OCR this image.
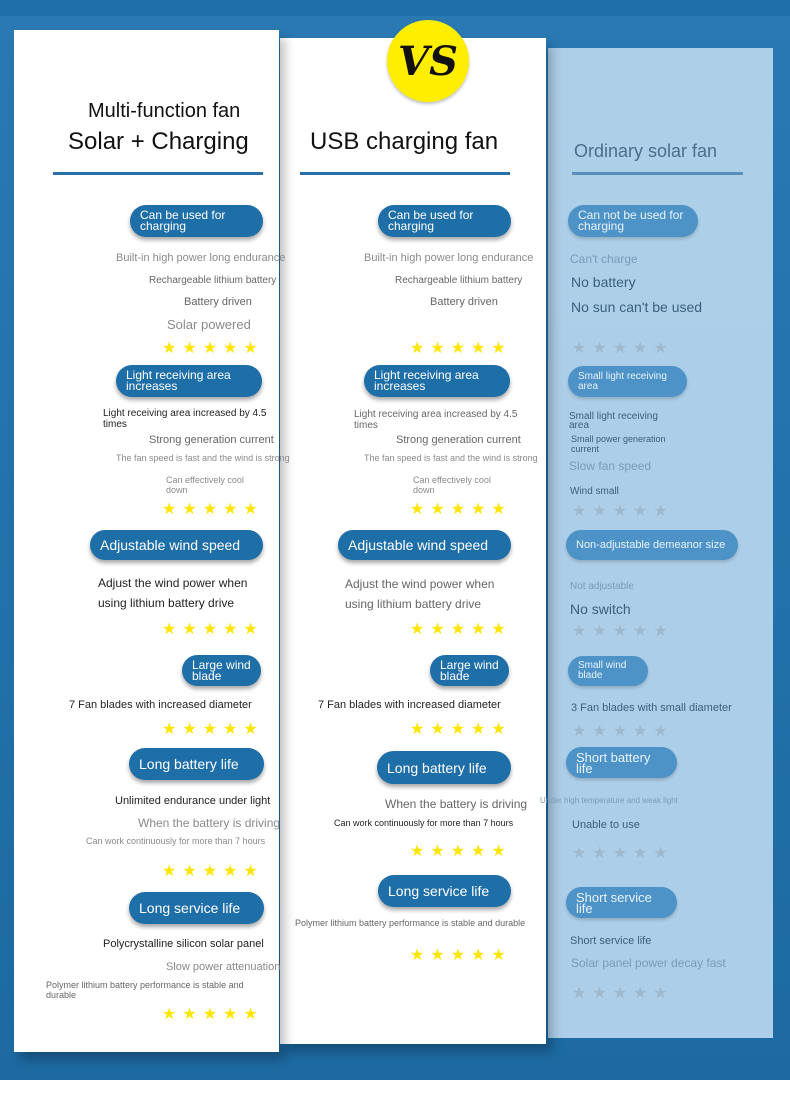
VS
Multi-function fan
Solar + Charging
Can be used for charging
Built-in high power long endurance
Rechargeable lithium battery
Battery driven
Solar powered
★ ★ ★ ★ ★
Light receiving area increases
Light receiving area increased by 4.5 times
Strong generation current
The fan speed is fast and the wind is strong
Can effectively cool down
★ ★ ★ ★ ★
Adjustable wind speed
Adjust the wind power when
using lithium battery drive
★ ★ ★ ★ ★
Large wind blade
7 Fan blades with increased diameter
★ ★ ★ ★ ★
Long battery life
Unlimited endurance under light
When the battery is driving
Can work continuously for more than 7 hours
★ ★ ★ ★ ★
Long service life
Polycrystalline silicon solar panel
Slow power attenuation
Polymer lithium battery performance is stable and durable
★ ★ ★ ★ ★
USB charging fan
Can be used for charging
Built-in high power long endurance
Rechargeable lithium battery
Battery driven
★ ★ ★ ★ ★
Light receiving area increases
Light receiving area increased by 4.5 times
Strong generation current
The fan speed is fast and the wind is strong
Can effectively cool down
★ ★ ★ ★ ★
Adjustable wind speed
Adjust the wind power when
using lithium battery drive
★ ★ ★ ★ ★
Large wind blade
7 Fan blades with increased diameter
★ ★ ★ ★ ★
Long battery life
When the battery is driving
Can work continuously for more than 7 hours
★ ★ ★ ★ ★
Long service life
Polymer lithium battery performance is stable and durable
★ ★ ★ ★ ★
Ordinary solar fan
Can not be used for charging
Can't charge
No battery
No sun can't be used
★ ★ ★ ★ ★
Small light receiving area
Small light receiving area
Small power generation current
Slow fan speed
Wind small
★ ★ ★ ★ ★
Non-adjustable demeanor size
Not adjustable
No switch
★ ★ ★ ★ ★
Small wind blade
3 Fan blades with small diameter
★ ★ ★ ★ ★
Short battery life
Under high temperature and weak light
Unable to use
★ ★ ★ ★ ★
Short service life
Short service life
Solar panel power decay fast
★ ★ ★ ★ ★
